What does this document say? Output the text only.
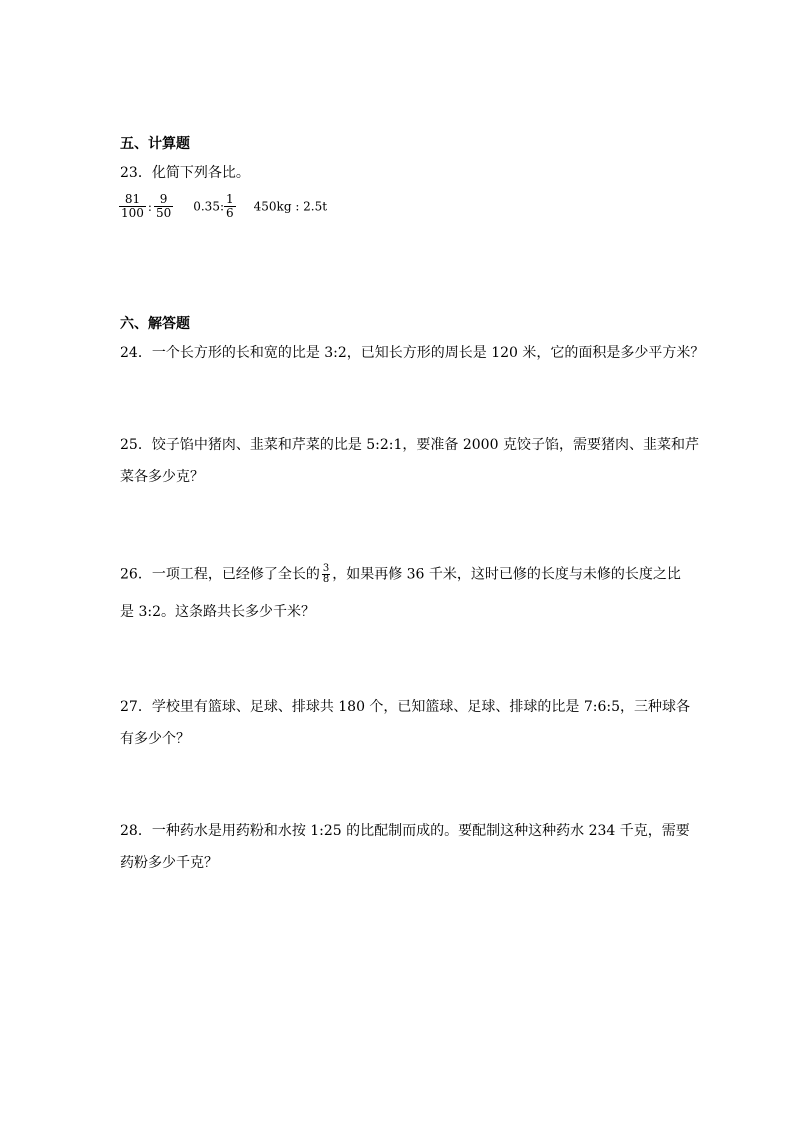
五、计算题
23．化简下列各比。
$\frac{81}{100}$ : $\frac{9}{50} 0.35$: $\frac{1}{6} 450kg$ : 2.5t
六、解答题
24．一个长方形的长和宽的比是 3:2，已知长方形的周长是 120 米，它的面积是多少平方米？
25．饺子馅中猪肉、韭菜和芹菜的比是 5:2:1，要准备 2000 克饺子馅，需要猪肉、韭菜和芹
菜各多少克？
26．一项工程，已经修了全长的 $\frac{3}{8}$ ，如果再修 36 千米，这时已修的长度与未修的长度之比
是 3:2。这条路共长多少千米？
27．学校里有篮球、足球、排球共 180 个，已知篮球、足球、排球的比是 7:6:5，三种球各
有多少个？
28．一种药水是用药粉和水按 1:25 的比配制而成的。要配制这种这种药水 234 千克，需要
药粉多少千克？
